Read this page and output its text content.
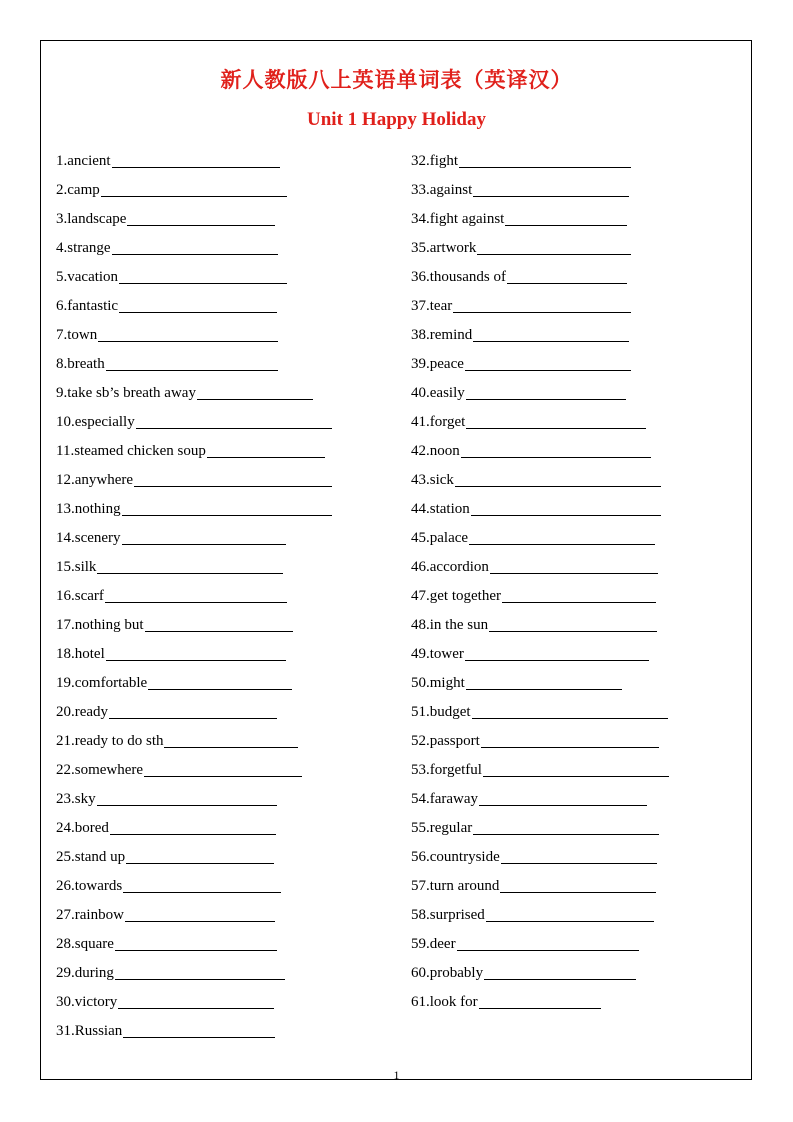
新人教版八上英语单词表（英译汉）
Unit 1 Happy Holiday
1.ancient
2.camp
3.landscape
4.strange
5.vacation
6.fantastic
7.town
8.breath
9.take sb’s breath away
10.especially
11.steamed chicken soup
12.anywhere
13.nothing
14.scenery
15.silk
16.scarf
17.nothing but
18.hotel
19.comfortable
20.ready
21.ready to do sth
22.somewhere
23.sky
24.bored
25.stand up
26.towards
27.rainbow
28.square
29.during
30.victory
31.Russian
32.fight
33.against
34.fight against
35.artwork
36.thousands of
37.tear
38.remind
39.peace
40.easily
41.forget
42.noon
43.sick
44.station
45.palace
46.accordion
47.get together
48.in the sun
49.tower
50.might
51.budget
52.passport
53.forgetful
54.faraway
55.regular
56.countryside
57.turn around
58.surprised
59.deer
60.probably
61.look for
1
